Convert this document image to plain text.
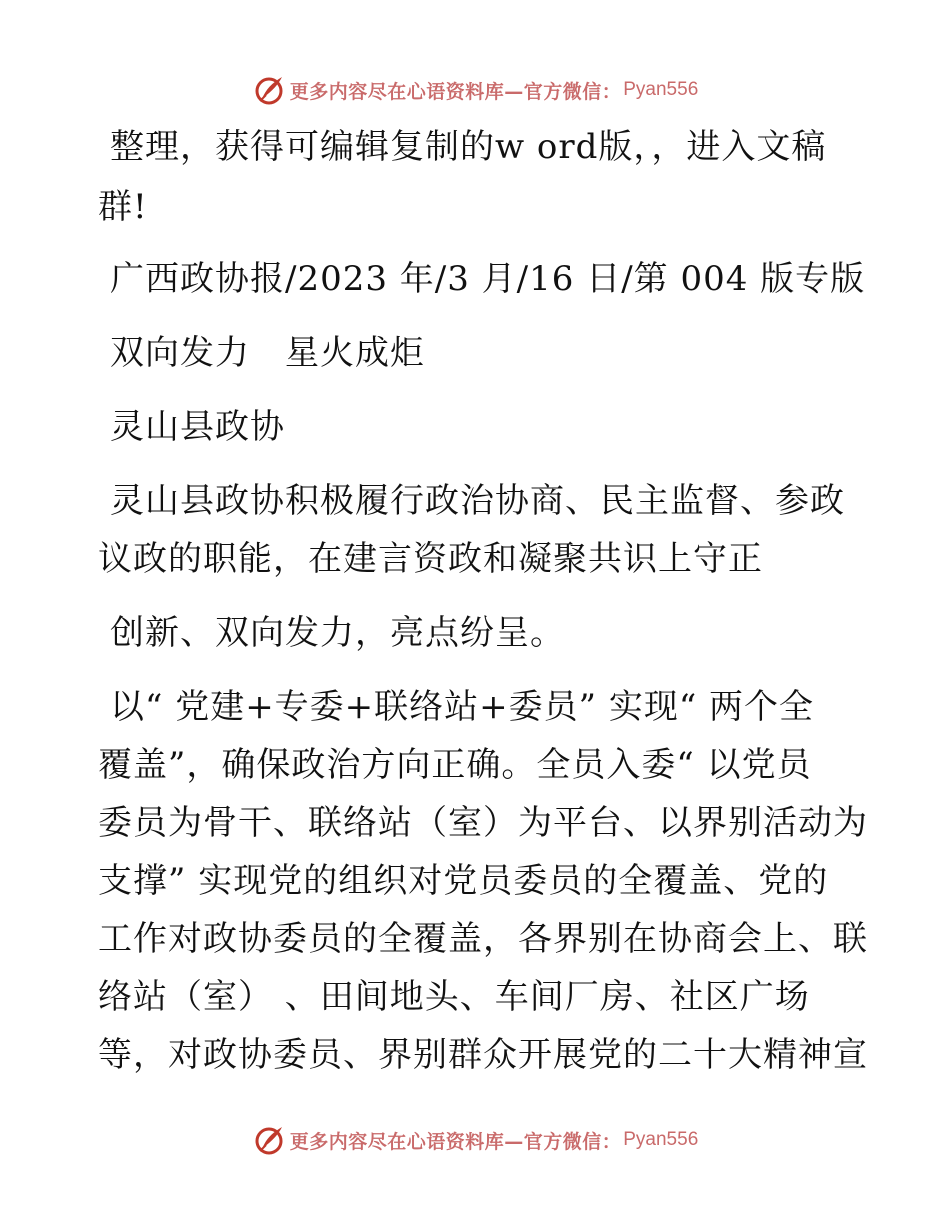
更多内容尽在心语资料库—官方微信： Pyan556
整理，获得可编辑复制的w ord版，，进入文稿
群!
广西政协报/2023 年/3 月/16 日/第 004 版专版
双向发力　星火成炬
灵山县政协
灵山县政协积极履行政治协商、民主监督、参政
议政的职能，在建言资政和凝聚共识上守正
创新、双向发力，亮点纷呈。
以“ 党建+专委+联络站+委员” 实现“ 两个全
覆盖”，确保政治方向正确。全员入委“ 以党员
委员为骨干、联络站（室）为平台、以界别活动为
支撑” 实现党的组织对党员委员的全覆盖、党的
工作对政协委员的全覆盖，各界别在协商会上、联
络站（室） 、田间地头、车间厂房、社区广场
等，对政协委员、界别群众开展党的二十大精神宣
更多内容尽在心语资料库—官方微信： Pyan556
